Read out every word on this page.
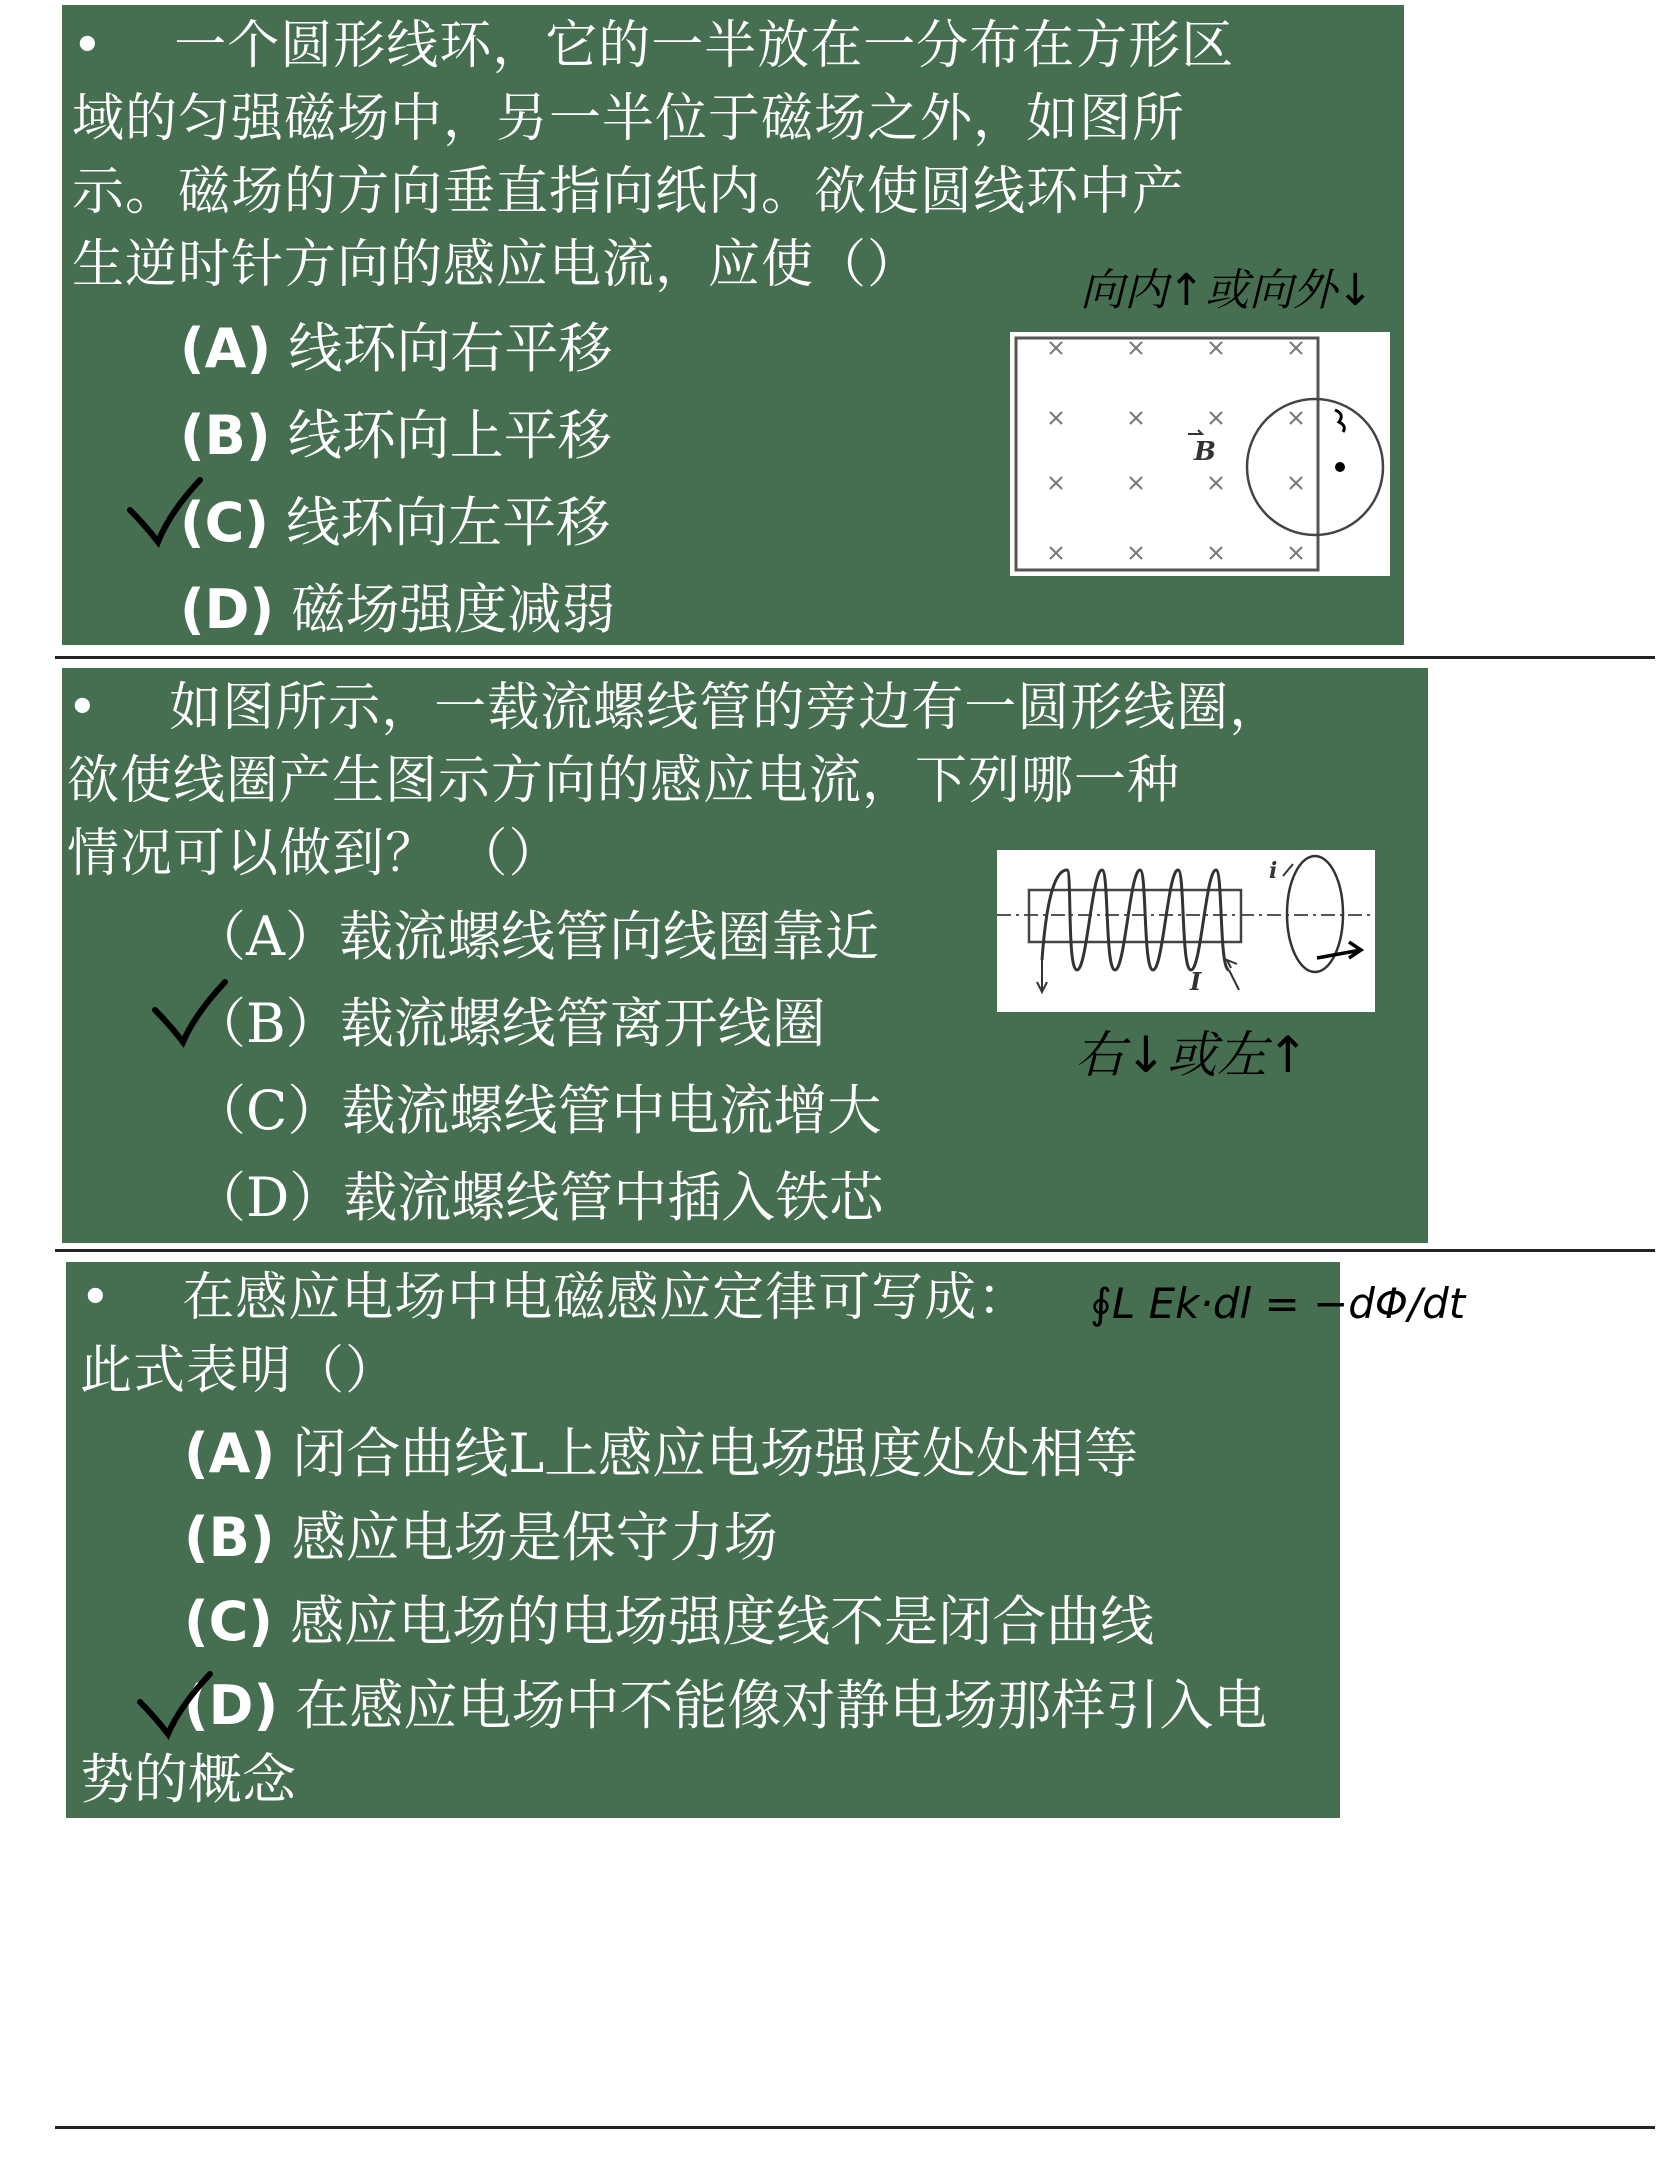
•　 一个圆形线环，它的一半放在一分布在方形区
域的匀强磁场中，另一半位于磁场之外，如图所
示。磁场的方向垂直指向纸内。欲使圆线环中产
生逆时针方向的感应电流，应使（）
(A) 线环向右平移
(B) 线环向上平移
(C) 线环向左平移
(D) 磁场强度减弱
B
向内↑或向外↓
•　 如图所示，一载流螺线管的旁边有一圆形线圈，
欲使线圈产生图示方向的感应电流，下列哪一种
情况可以做到？ （）
（A）载流螺线管向线圈靠近
（B）载流螺线管离开线圈
（C）载流螺线管中电流增大
（D）载流螺线管中插入铁芯
I
i
右↓或左↑
•　 在感应电场中电磁感应定律可写成：
此式表明（）
(A) 闭合曲线L上感应电场强度处处相等
(B) 感应电场是保守力场
(C) 感应电场的电场强度线不是闭合曲线
(D) 在感应电场中不能像对静电场那样引入电
势的概念
∮L Ek·dl = −dΦ/dt
